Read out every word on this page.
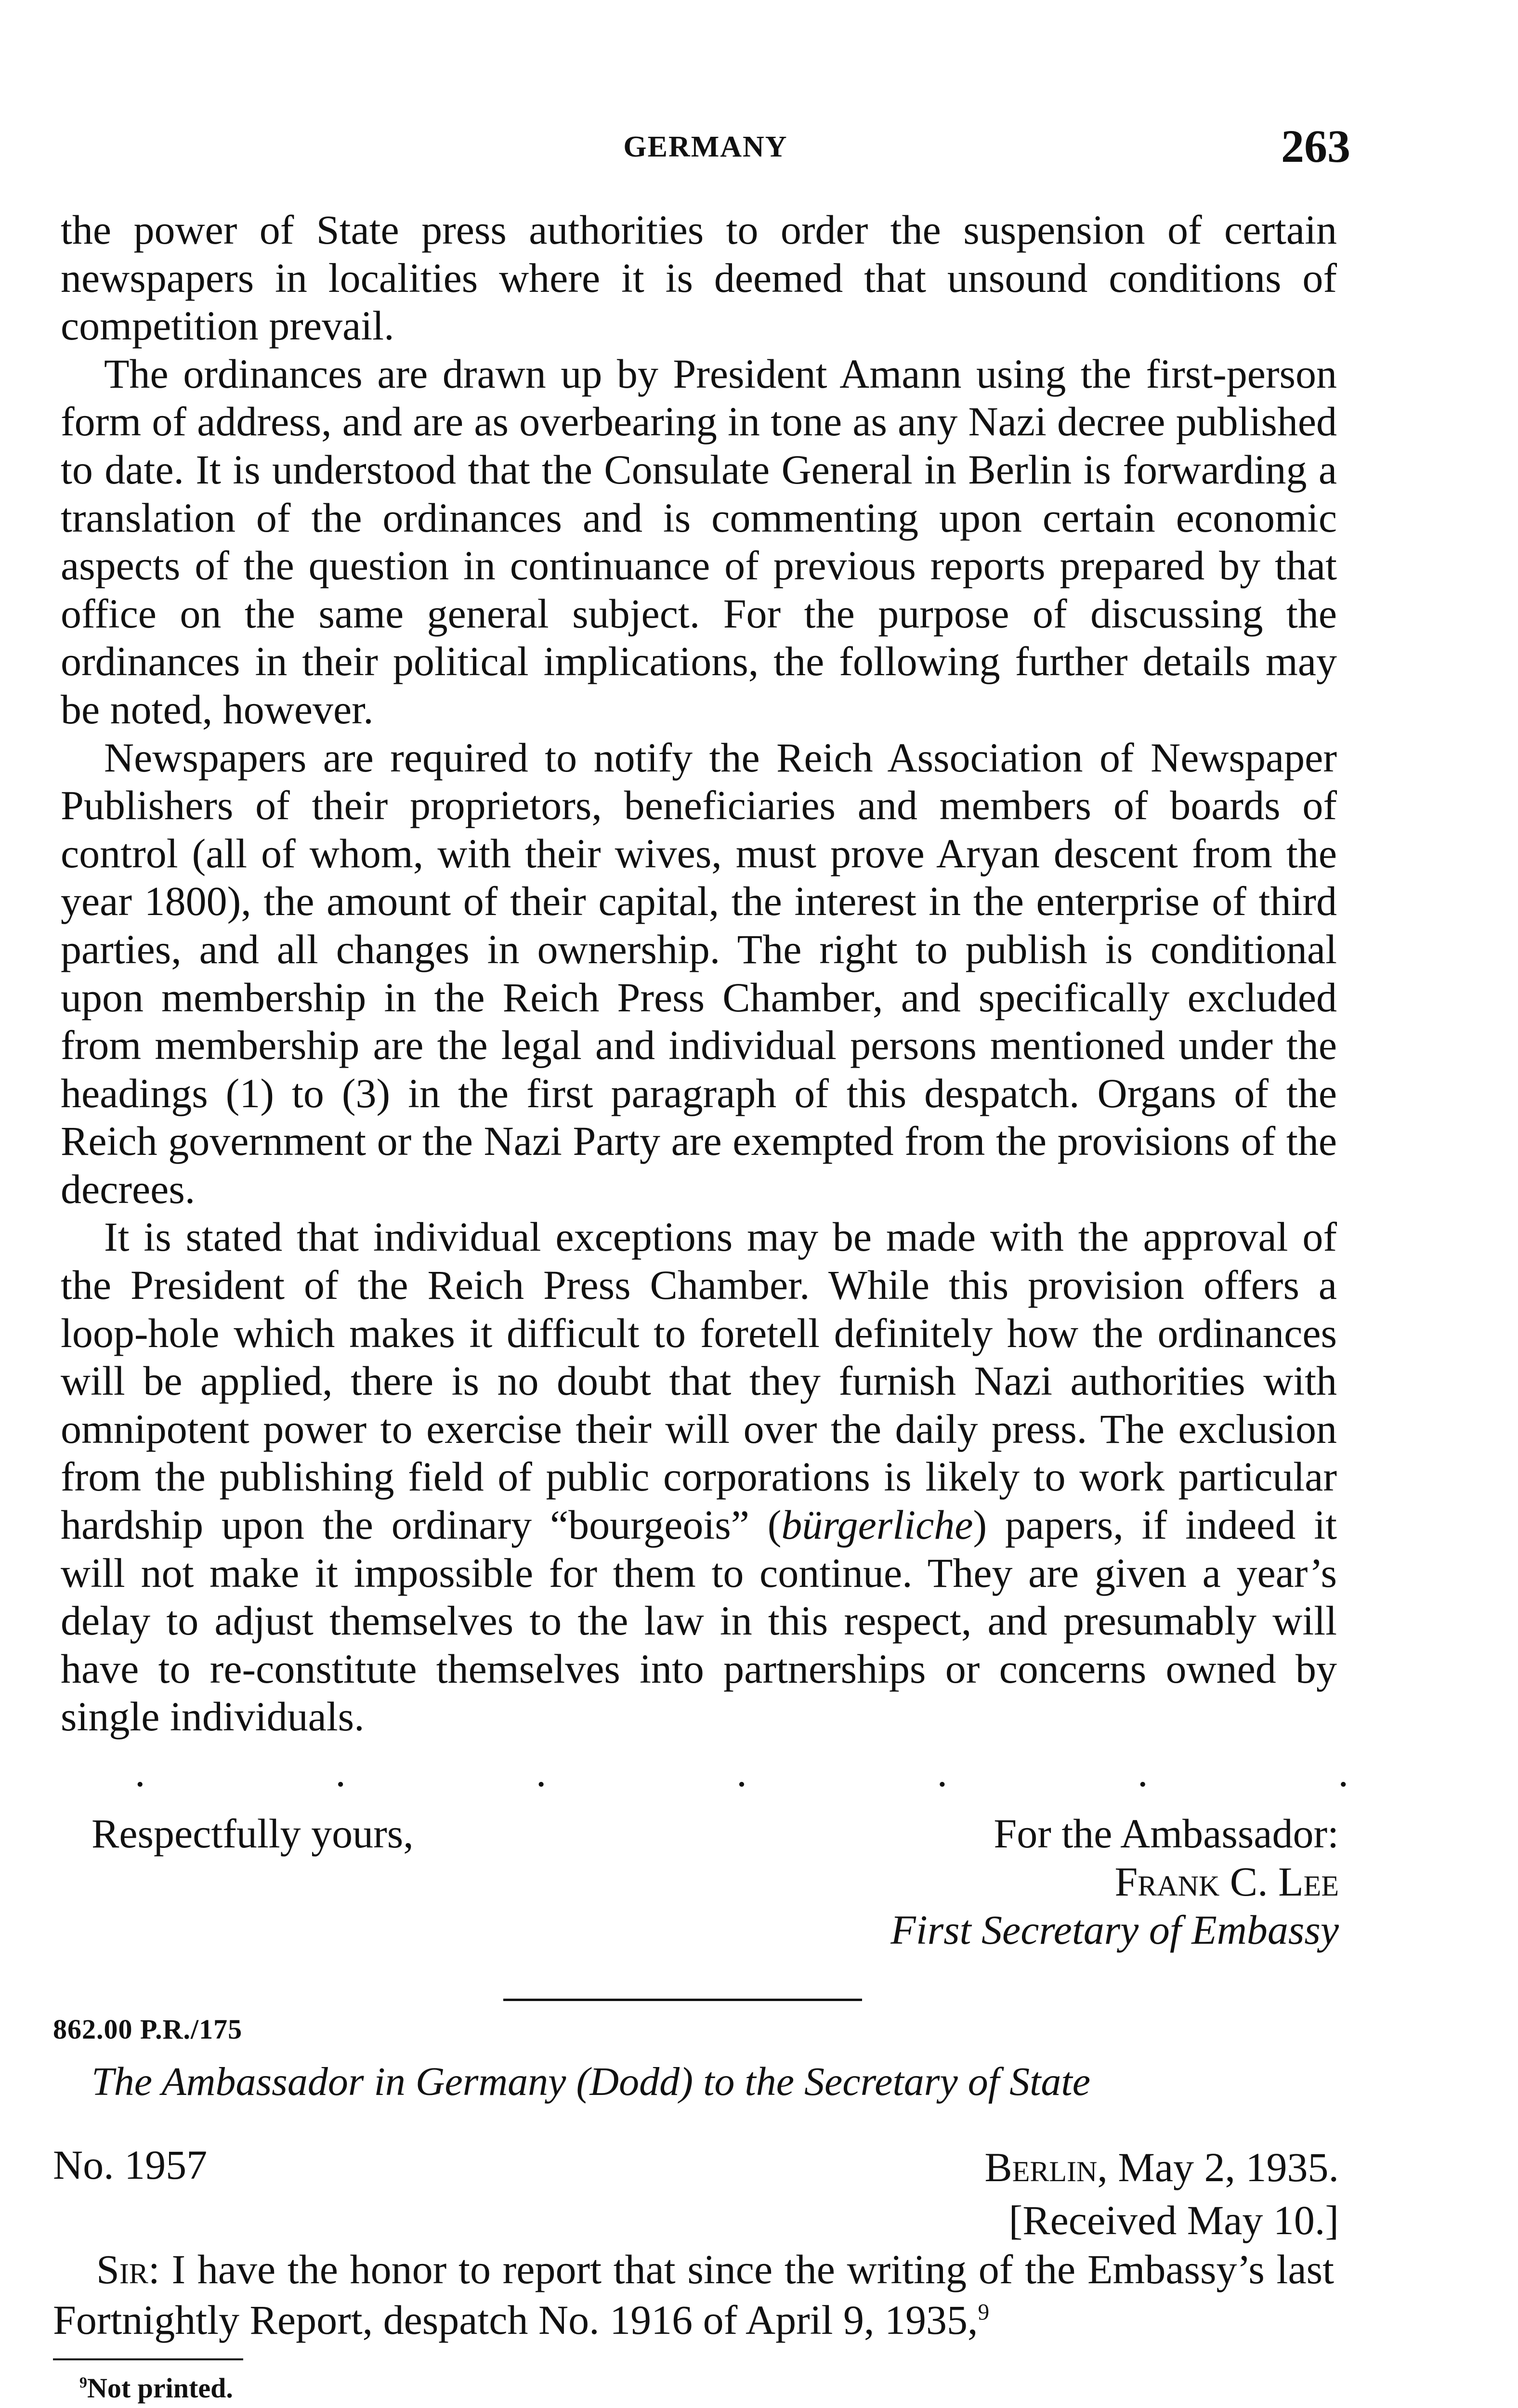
GERMANY	263

the power of State press authorities to order the suspension of certain newspapers in localities where it is deemed that unsound conditions of competition prevail.

The ordinances are drawn up by President Amann using the first-person form of address, and are as overbearing in tone as any Nazi decree published to date. It is understood that the Consulate General in Berlin is forwarding a translation of the ordinances and is commenting upon certain economic aspects of the question in continuance of previous reports prepared by that office on the same general subject. For the purpose of discussing the ordinances in their political implications, the following further details may be noted, however.

Newspapers are required to notify the Reich Association of Newspaper Publishers of their proprietors, beneficiaries and members of boards of control (all of whom, with their wives, must prove Aryan descent from the year 1800), the amount of their capital, the interest in the enterprise of third parties, and all changes in ownership. The right to publish is conditional upon membership in the Reich Press Chamber, and specifically excluded from membership are the legal and individual persons mentioned under the headings (1) to (3) in the first paragraph of this despatch. Organs of the Reich government or the Nazi Party are exempted from the provisions of the decrees.

It is stated that individual exceptions may be made with the approval of the President of the Reich Press Chamber. While this provision offers a loop-hole which makes it difficult to foretell definitely how the ordinances will be applied, there is no doubt that they furnish Nazi authorities with omnipotent power to exercise their will over the daily press. The exclusion from the publishing field of public corporations is likely to work particular hardship upon the ordinary “bourgeois” (bürgerliche) papers, if indeed it will not make it impossible for them to continue. They are given a year’s delay to adjust themselves to the law in this respect, and presumably will have to re-constitute themselves into partnerships or concerns owned by single individuals.

.	.	.	.	.	.	.
Respectfully yours,	For the Ambassador:
Frank C. Lee
First Secretary of Embassy
862.00 P.R./175
The Ambassador in Germany (Dodd) to the Secretary of State
No. 1957	Berlin, May 2, 1935.
[Received May 10.]

Sir: I have the honor to report that since the writing of the Embassy’s last Fortnightly Report, despatch No. 1916 of April 9, 1935,$^9$

$^9$Not printed.
